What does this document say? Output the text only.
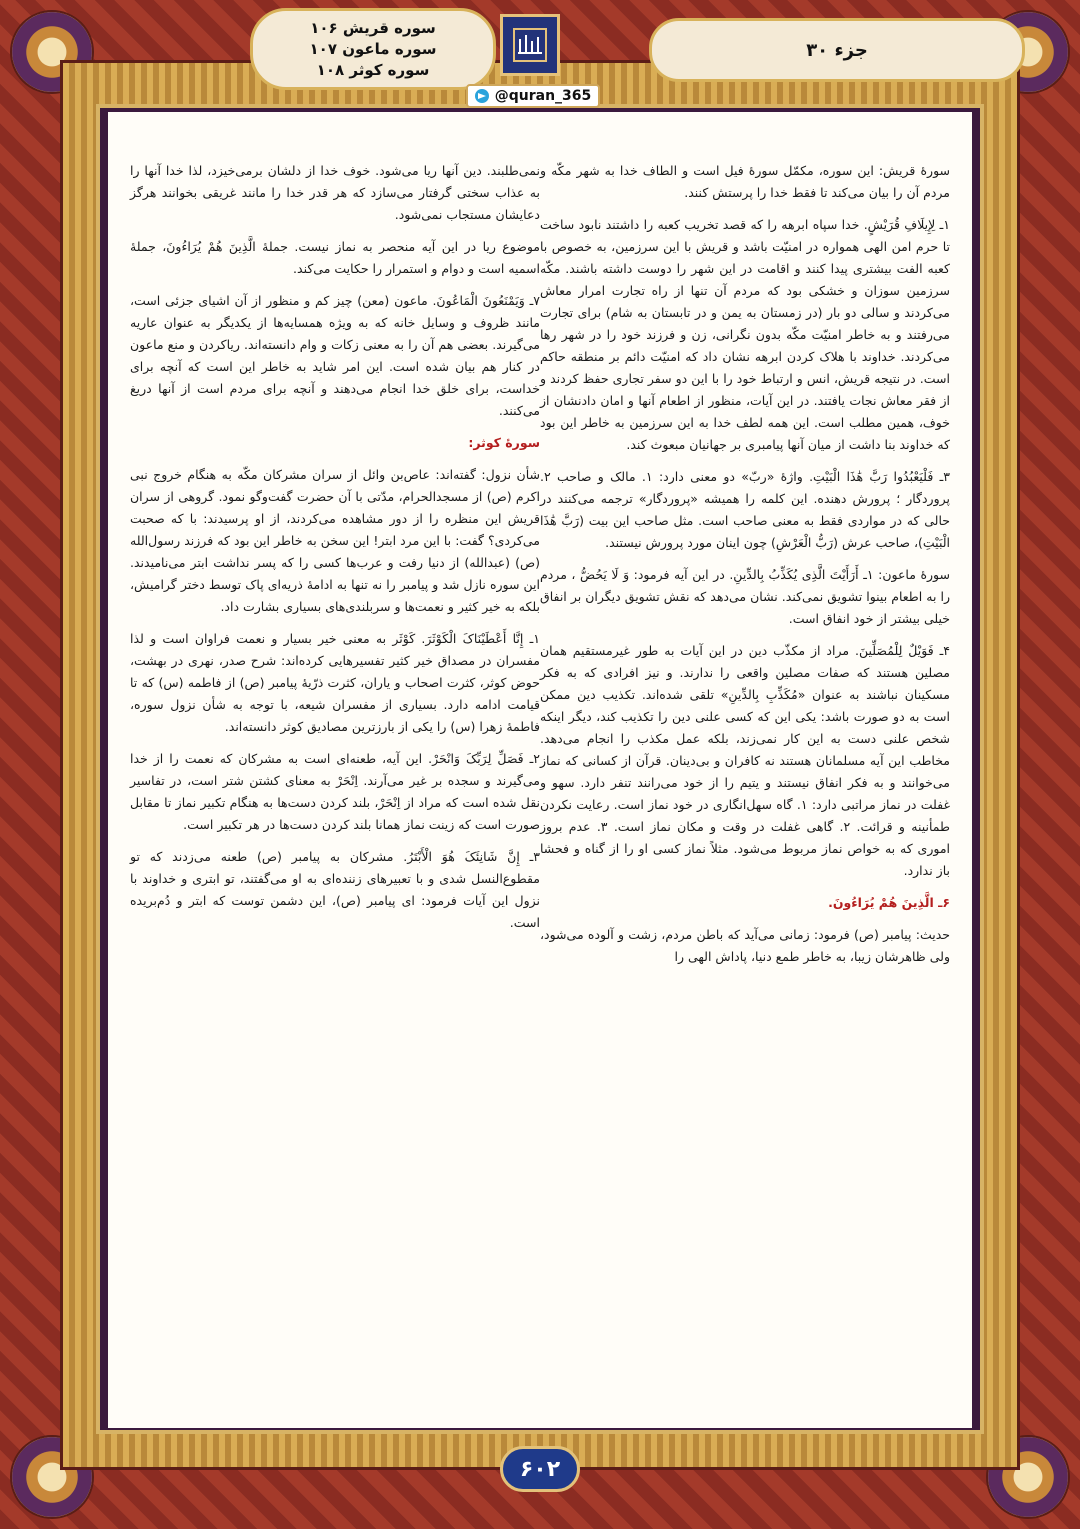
جزء ۳۰
سوره قریش ۱۰۶
سوره ماعون ۱۰۷
سوره کوثر ۱۰۸
@quran_365

سورهٔ قریش: این سوره، مکمّل سورهٔ فیل است و الطاف خدا به شهر مکّه و مردم آن را بیان می‌کند تا فقط خدا را پرستش کنند.

۱ـ لِإِیلَافِ قُرَیْشٍ. خدا سپاه ابرهه را که قصد تخریب کعبه را داشتند نابود ساخت تا حرم امن الهی همواره در امنیّت باشد و قریش با این سرزمین، به خصوص با کعبه الفت بیشتری پیدا کنند و اقامت در این شهر را دوست داشته باشند. مکّه سرزمین سوزان و خشکی بود که مردم آن تنها از راه تجارت امرار معاش می‌کردند و سالی دو بار (در زمستان به یمن و در تابستان به شام) برای تجارت می‌رفتند و به خاطر امنیّت مکّه بدون نگرانی، زن و فرزند خود را در شهر رها می‌کردند. خداوند با هلاک کردن ابرهه نشان داد که امنیّت دائم بر منطقه حاکم است. در نتیجه قریش، انس و ارتباط خود را با این دو سفر تجاری حفظ کردند و از فقر معاش نجات یافتند. در این آیات، منظور از اطعام آنها و امان دادنشان از خوف، همین مطلب است. این همه لطف خدا به این سرزمین به خاطر این بود که خداوند بنا داشت از میان آنها پیامبری بر جهانیان مبعوث کند.

۳ـ فَلْیَعْبُدُوا رَبَّ هَٰذَا الْبَیْتِ. واژهٔ «ربّ» دو معنی دارد: ۱. مالک و صاحب ۲. پروردگار ؛ پرورش دهنده. این کلمه را همیشه «پروردگار» ترجمه می‌کنند در حالی که در مواردی فقط به معنی صاحب است. مثل صاحب این بیت (رَبَّ هَٰذَا الْبَیْتِ)، صاحب عرش (رَبُّ الْعَرْشِ) چون اینان مورد پرورش نیستند.

سورهٔ ماعون: ۱ـ أَرَأَیْتَ الَّذِی یُکَذِّبُ بِالدِّینِ. در این آیه فرمود: وَ لَا یَحُضُّ ، مردم را به اطعام بینوا تشویق نمی‌کند. نشان می‌دهد که نقش تشویق دیگران بر انفاق خیلی بیشتر از خود انفاق است.

۴ـ فَوَیْلٌ لِلْمُصَلِّینَ. مراد از مکذّب دین در این آیات به طور غیرمستقیم همان مصلین هستند که صفات مصلین واقعی را ندارند. و نیز افرادی که به فکر مسکینان نباشند به عنوان «مُکَذِّبِ بِالدِّینِ» تلقی شده‌اند. تکذیب دین ممکن است به دو صورت باشد: یکی این که کسی علنی دین را تکذیب کند، دیگر اینکه شخص علنی دست به این کار نمی‌زند، بلکه عمل مکذب را انجام می‌دهد. مخاطب این آیه مسلمانان هستند نه کافران و بی‌دینان. قرآن از کسانی که نماز می‌خوانند و به فکر انفاق نیستند و یتیم را از خود می‌رانند تنفر دارد. سهو و غفلت در نماز مراتبی دارد: ۱. گاه سهل‌انگاری در خود نماز است. رعایت نکردن طمأنینه و قرائت. ۲. گاهی غفلت در وقت و مکان نماز است. ۳. عدم بروز اموری که به خواص نماز مربوط می‌شود. مثلاً نماز کسی او را از گناه و فحشا باز ندارد.

۶ـ الَّذِینَ هُمْ یُرَاءُونَ.

حدیث: پیامبر (ص) فرمود: زمانی می‌آید که باطن مردم، زشت و آلوده می‌شود، ولی ظاهرشان زیبا، به خاطر طمع دنیا، پاداش الهی را

نمی‌طلبند. دین آنها ریا می‌شود. خوف خدا از دلشان برمی‌خیزد، لذا خدا آنها را به عذاب سختی گرفتار می‌سازد که هر قدر خدا را مانند غریقی بخوانند هرگز دعایشان مستجاب نمی‌شود.

موضوع ریا در این آیه منحصر به نماز نیست. جملهٔ الَّذِینَ هُمْ یُرَاءُونَ، جملهٔ اسمیه است و دوام و استمرار را حکایت می‌کند.

۷ـ وَیَمْنَعُونَ الْمَاعُونَ. ماعون (معن) چیز کم و منظور از آن اشیای جزئی است، مانند ظروف و وسایل خانه که به ویژه همسایه‌ها از یکدیگر به عنوان عاریه می‌گیرند. بعضی هم آن را به معنی زکات و وام دانسته‌اند. ریاکردن و منع ماعون در کنار هم بیان شده است. این امر شاید به خاطر این است که آنچه برای خداست، برای خلق خدا انجام می‌دهند و آنچه برای مردم است از آنها دریغ می‌کنند.

سورهٔ کوثر:

شأن نزول: گفته‌اند: عاص‌بن وائل از سران مشرکان مکّه به هنگام خروج نبی اکرم (ص) از مسجدالحرام، مدّتی با آن حضرت گفت‌وگو نمود. گروهی از سران قریش این منظره را از دور مشاهده می‌کردند، از او پرسیدند: با که صحبت می‌کردی؟ گفت: با این مرد ابتر! این سخن به خاطر این بود که فرزند رسول‌الله (ص) (عبدالله) از دنیا رفت و عرب‌ها کسی را که پسر نداشت ابتر می‌نامیدند. این سوره نازل شد و پیامبر را نه تنها به ادامهٔ ذریه‌ای پاک توسط دختر گرامیش، بلکه به خیر کثیر و نعمت‌ها و سربلندی‌های بسیاری بشارت داد.

۱ـ إِنَّا أَعْطَیْنَاکَ الْکَوْثَرَ. کَوْثَر به معنی خیر بسیار و نعمت فراوان است و لذا مفسران در مصداق خیر کثیر تفسیرهایی کرده‌اند: شرح صدر، نهری در بهشت، حوض کوثر، کثرت اصحاب و یاران، کثرت ذرّیهٔ پیامبر (ص) از فاطمه (س) که تا قیامت ادامه دارد. بسیاری از مفسران شیعه، با توجه به شأن نزول سوره، فاطمهٔ زهرا (س) را یکی از بارزترین مصادیق کوثر دانسته‌اند.

۲ـ فَصَلِّ لِرَبِّکَ وَانْحَرْ. این آیه، طعنه‌ای است به مشرکان که نعمت را از خدا می‌گیرند و سجده بر غیر می‌آرند. اِنْحَرْ به معنای کشتن شتر است، در تفاسیر نقل شده است که مراد از اِنْحَرْ، بلند کردن دست‌ها به هنگام تکبیر نماز تا مقابل صورت است که زینت نماز همانا بلند کردن دست‌ها در هر تکبیر است.

۳ـ إِنَّ شَانِئَکَ هُوَ الْأَبْتَرُ. مشرکان به پیامبر (ص) طعنه می‌زدند که تو مقطوع‌النسل شدی و با تعبیرهای زننده‌ای به او می‌گفتند، تو ابتری و خداوند با نزول این آیات فرمود: ای پیامبر (ص)، این دشمن توست که ابتر و دُم‌بریده است.

۶۰۲
